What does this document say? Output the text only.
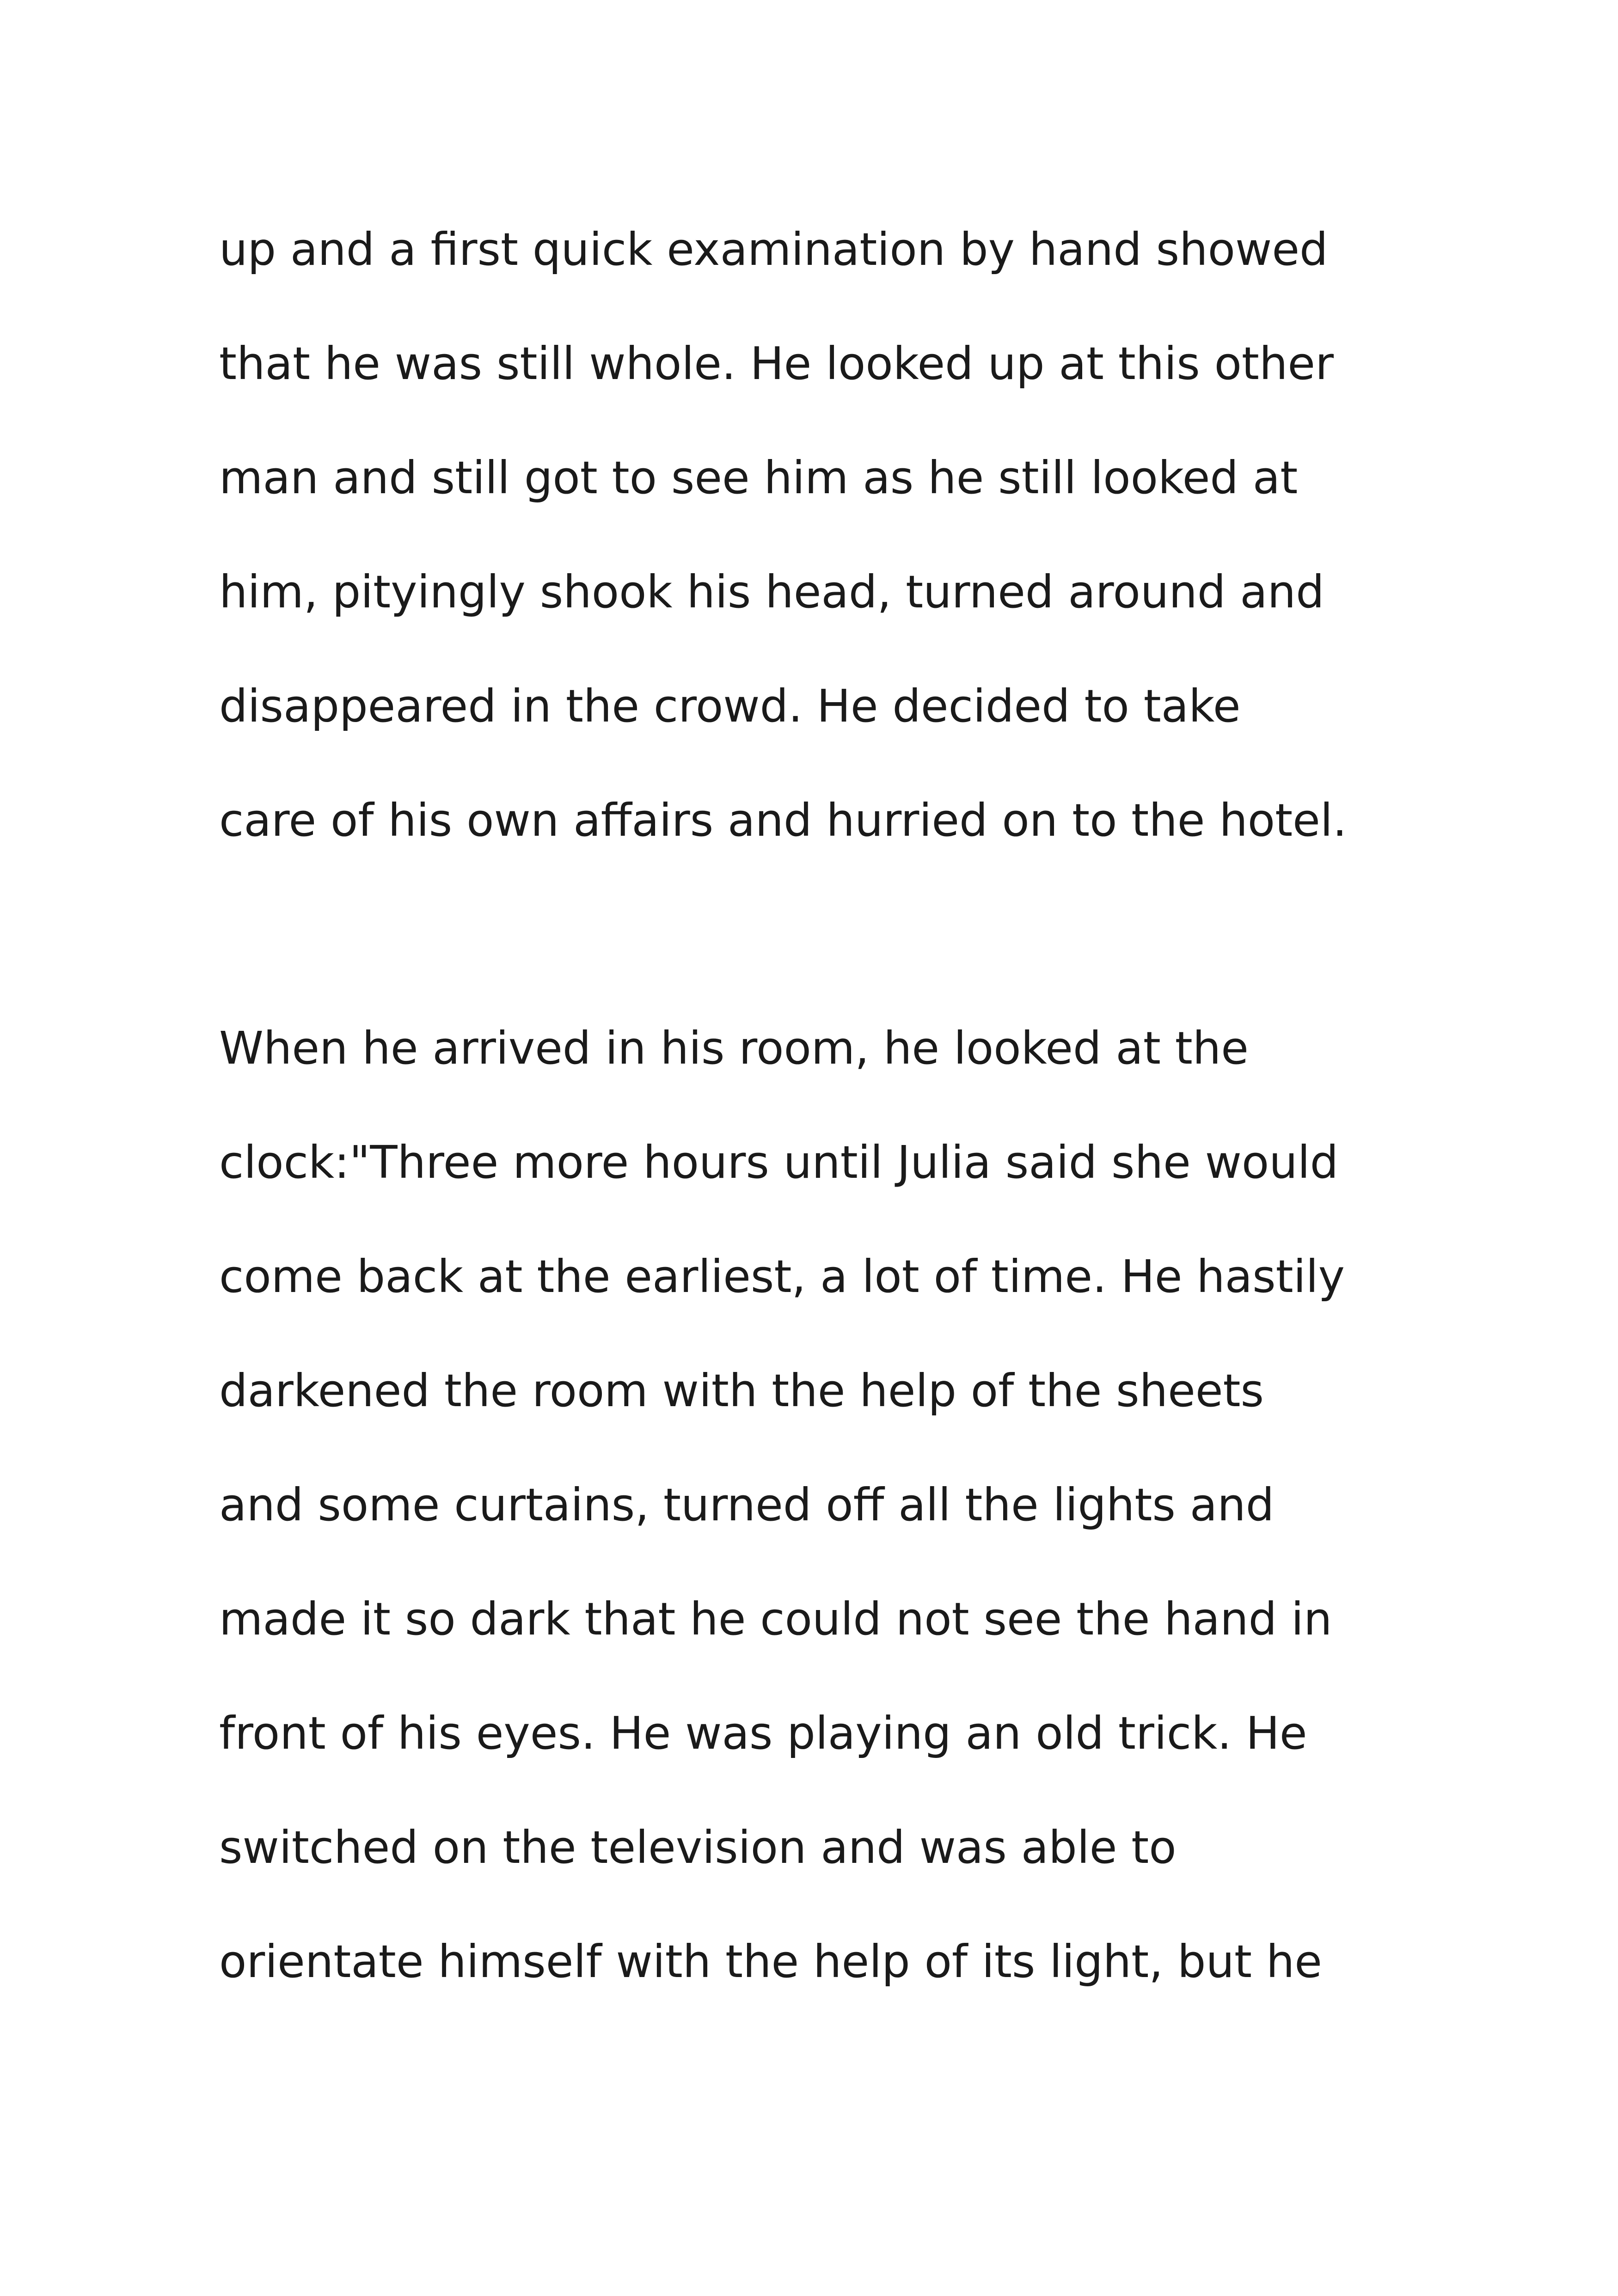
up and a first quick examination by hand showed
that he was still whole. He looked up at this other
man and still got to see him as he still looked at
him, pityingly shook his head, turned around and
disappeared in the crowd. He decided to take
care of his own affairs and hurried on to the hotel.
When he arrived in his room, he looked at the
clock:"Three more hours until Julia said she would
come back at the earliest, a lot of time. He hastily
darkened the room with the help of the sheets
and some curtains, turned off all the lights and
made it so dark that he could not see the hand in
front of his eyes. He was playing an old trick. He
switched on the television and was able to
orientate himself with the help of its light, but he
